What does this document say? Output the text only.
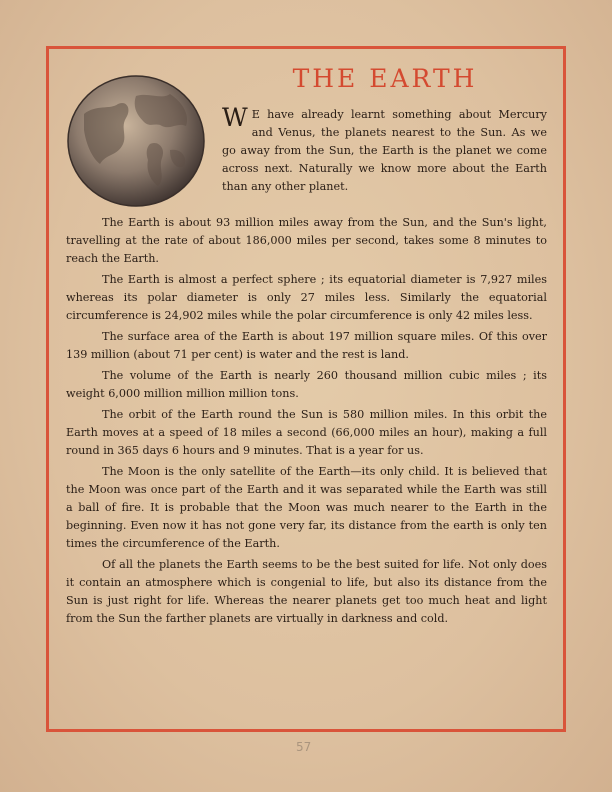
THE EARTH

W E have already learnt something about Mercury and Venus, the planets nearest to the Sun. As we go away from the Sun, the Earth is the planet we come across next. Naturally we know more about the Earth than any other planet.

The Earth is about 93 million miles away from the Sun, and the Sun's light, travelling at the rate of about 186,000 miles per second, takes some 8 minutes to reach the Earth.

The Earth is almost a perfect sphere ; its equatorial diameter is 7,927 miles whereas its polar diameter is only 27 miles less. Similarly the equatorial circumference is 24,902 miles while the polar circumference is only 42 miles less.

The surface area of the Earth is about 197 million square miles. Of this over 139 million (about 71 per cent) is water and the rest is land.

The volume of the Earth is nearly 260 thousand million cubic miles ; its weight 6,000 million million million tons.

The orbit of the Earth round the Sun is 580 million miles. In this orbit the Earth moves at a speed of 18 miles a second (66,000 miles an hour), making a full round in 365 days 6 hours and 9 minutes. That is a year for us.

The Moon is the only satellite of the Earth—its only child. It is believed that the Moon was once part of the Earth and it was separated while the Earth was still a ball of fire. It is probable that the Moon was much nearer to the Earth in the beginning. Even now it has not gone very far, its distance from the earth is only ten times the circumference of the Earth.

Of all the planets the Earth seems to be the best suited for life. Not only does it contain an atmosphere which is congenial to life, but also its distance from the Sun is just right for life. Whereas the nearer planets get too much heat and light from the Sun the farther planets are virtually in darkness and cold.

57
